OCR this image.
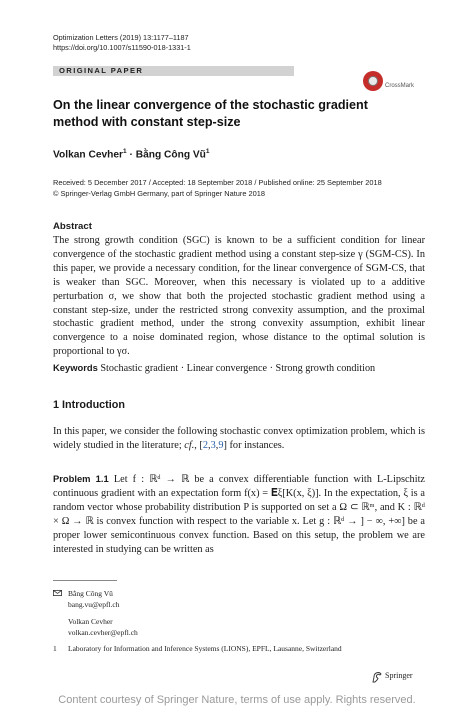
Optimization Letters (2019) 13:1177–1187
https://doi.org/10.1007/s11590-018-1331-1
ORIGINAL PAPER
CrossMark
On the linear convergence of the stochastic gradient method with constant step-size
Volkan Cevher$^1$ · Bằng Công $Vũ^1$
Received: 5 December 2017 / Accepted: 18 September 2018 / Published online: 25 September 2018
© Springer-Verlag GmbH Germany, part of Springer Nature 2018
Abstract
The strong growth condition (SGC) is known to be a sufficient condition for linear convergence of the stochastic gradient method using a constant step-size γ (SGM-CS). In this paper, we provide a necessary condition, for the linear convergence of SGM-CS, that is weaker than SGC. Moreover, when this necessary is violated up to a additive perturbation σ, we show that both the projected stochastic gradient method using a constant step-size, under the restricted strong convexity assumption, and the proximal stochastic gradient method, under the strong convexity assumption, exhibit linear convergence to a noise dominated region, whose distance to the optimal solution is proportional to γσ.
Keywords Stochastic gradient · Linear convergence · Strong growth condition
1 Introduction
In this paper, we consider the following stochastic convex optimization problem, which is widely studied in the literature; cf., [2,3,9] for instances.
Problem 1.1 Let f : ℝᵈ → ℝ be a convex differentiable function with L-Lipschitz continuous gradient with an expectation form f(x) = 𝐄ξ[K(x, ξ)]. In the expectation, ξ is a random vector whose probability distribution P is supported on set a Ω ⊂ ℝᵐ, and K : ℝᵈ × Ω → ℝ is convex function with respect to the variable x. Let g : ℝᵈ → ] − ∞, +∞] be a proper lower semicontinuous convex function. Based on this setup, the problem we are interested in studying can be written as
Bằng Công Vũ
bang.vu@epfl.ch
Volkan Cevher
volkan.cevher@epfl.ch
1 Laboratory for Information and Inference Systems (LIONS), EPFL, Lausanne, Switzerland
Springer
Content courtesy of Springer Nature, terms of use apply. Rights reserved.
